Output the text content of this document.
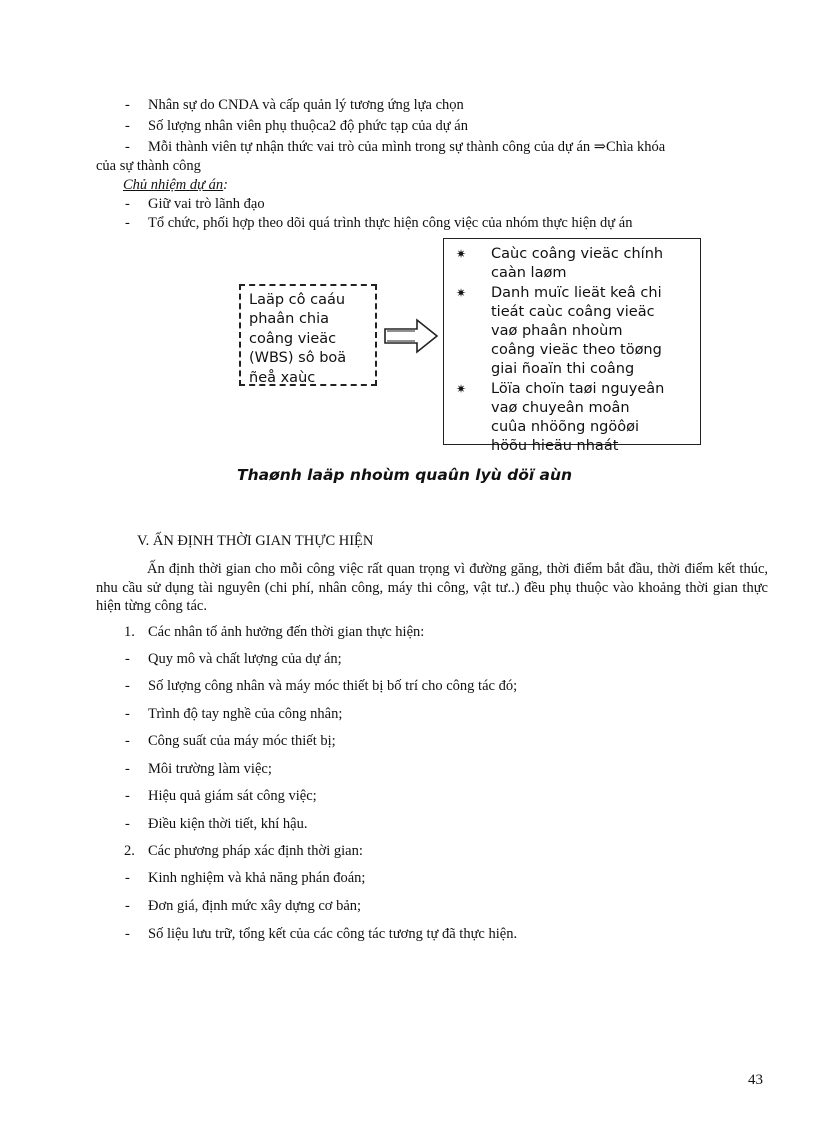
-	Nhân sự do CNDA và cấp quản lý tương ứng lựa chọn
-	Số lượng nhân viên phụ thuộca2 độ phức tạp của dự án
-	Mỗi thành viên tự nhận thức vai trò của mình trong sự thành công của dự án ⇒Chìa khóa
của sự thành công
Chủ nhiệm dự án:
-	Giữ vai trò lãnh đạo
-	Tổ chức, phối hợp theo dõi quá trình thực hiện công việc của nhóm thực hiện dự án
Laäp cô caáu
phaân chia
coâng vieäc
(WBS) sô boä
ñeå xaùc
✷ Caùc coâng vieäc chính
caàn laøm
✷ Danh muïc lieät keâ chi
tieát caùc coâng vieäc
vaø phaân nhoùm
coâng vieäc theo töøng
giai ñoaïn thi coâng
✷ Löïa choïn taøi nguyeân
vaø chuyeân moân
cuûa nhöõng ngöôøi
höõu hieäu nhaát
Thaønh laäp nhoùm quaûn lyù döï aùn
V. ẤN ĐỊNH THỜI GIAN THỰC HIỆN
Ấn định thời gian cho mỗi công việc rất quan trọng vì đường găng, thời điểm bắt đầu, thời điểm kết thúc, nhu cầu sử dụng tài nguyên (chi phí, nhân công, máy thi công, vật tư..) đều phụ thuộc vào khoảng thời gian thực hiện từng công tác.
1. Các nhân tố ảnh hưởng đến thời gian thực hiện:
-	Quy mô và chất lượng của dự án;
-	Số lượng công nhân và máy móc thiết bị bố trí cho công tác đó;
-	Trình độ tay nghề của công nhân;
-	Công suất của máy móc thiết bị;
-	Môi trường làm việc;
-	Hiệu quả giám sát công việc;
-	Điều kiện thời tiết, khí hậu.
2. Các phương pháp xác định thời gian:
-	Kinh nghiệm và khả năng phán đoán;
-	Đơn giá, định mức xây dựng cơ bản;
-	Số liệu lưu trữ, tổng kết của các công tác tương tự đã thực hiện.
43
